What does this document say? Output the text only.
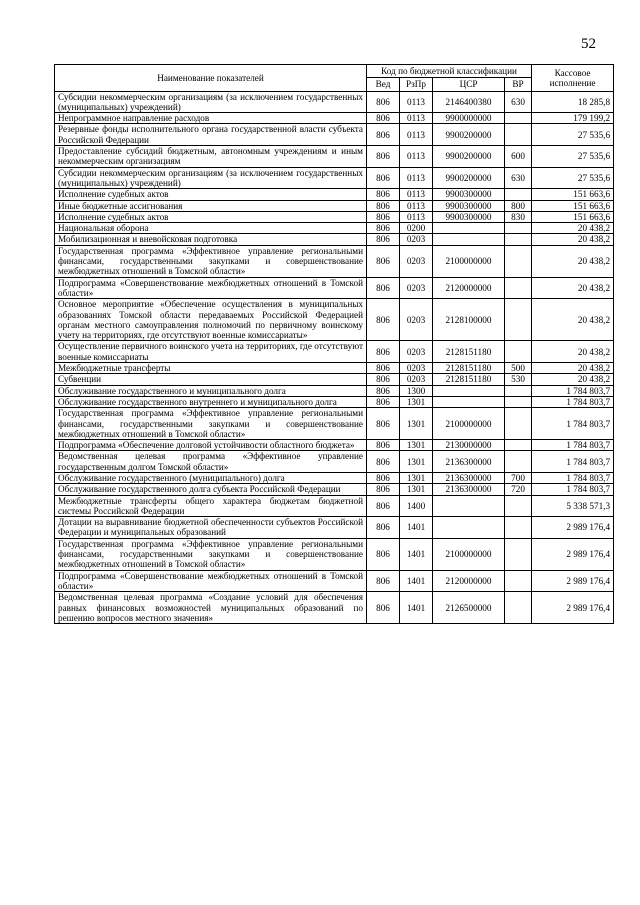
52
Наименование показателей	Код по бюджетной классификации				Кассовое исполнение
	Вед	РзПр	ЦСР	ВР	
Субсидии некоммерческим организациям (за исключением государственных (муниципальных) учреждений)	806	0113	2146400380	630	18 285,8
Непрограммное направление расходов	806	0113	9900000000		179 199,2
Резервные фонды исполнительного органа государственной власти субъекта Российской Федерации	806	0113	9900200000		27 535,6
Предоставление субсидий бюджетным, автономным учреждениям и иным некоммерческим организациям	806	0113	9900200000	600	27 535,6
Субсидии некоммерческим организациям (за исключением государственных (муниципальных) учреждений)	806	0113	9900200000	630	27 535,6
Исполнение судебных актов	806	0113	9900300000		151 663,6
Иные бюджетные ассигнования	806	0113	9900300000	800	151 663,6
Исполнение судебных актов	806	0113	9900300000	830	151 663,6
Национальная оборона	806	0200			20 438,2
Мобилизационная и вневойсковая подготовка	806	0203			20 438,2
Государственная программа «Эффективное управление региональными финансами, государственными закупками и совершенствование межбюджетных отношений в Томской области»	806	0203	2100000000		20 438,2
Подпрограмма «Совершенствование межбюджетных отношений в Томской области»	806	0203	2120000000		20 438,2
Основное мероприятие «Обеспечение осуществления в муниципальных образованиях Томской области передаваемых Российской Федерацией органам местного самоуправления полномочий по первичному воинскому учету на территориях, где отсутствуют военные комиссариаты»	806	0203	2128100000		20 438,2
Осуществление первичного воинского учета на территориях, где отсутствуют военные комиссариаты	806	0203	2128151180		20 438,2
Межбюджетные трансферты	806	0203	2128151180	500	20 438,2
Субвенции	806	0203	2128151180	530	20 438,2
Обслуживание государственного и муниципального долга	806	1300			1 784 803,7
Обслуживание государственного внутреннего и муниципального долга	806	1301			1 784 803,7
Государственная программа «Эффективное управление региональными финансами, государственными закупками и совершенствование межбюджетных отношений в Томской области»	806	1301	2100000000		1 784 803,7
Подпрограмма «Обеспечение долговой устойчивости областного бюджета»	806	1301	2130000000		1 784 803,7
Ведомственная целевая программа «Эффективное управление государственным долгом Томской области»	806	1301	2136300000		1 784 803,7
Обслуживание государственного (муниципального) долга	806	1301	2136300000	700	1 784 803,7
Обслуживание государственного долга субъекта Российской Федерации	806	1301	2136300000	720	1 784 803,7
Межбюджетные трансферты общего характера бюджетам бюджетной системы Российской Федерации	806	1400			5 338 571,3
Дотации на выравнивание бюджетной обеспеченности субъектов Российской Федерации и муниципальных образований	806	1401			2 989 176,4
Государственная программа «Эффективное управление региональными финансами, государственными закупками и совершенствование межбюджетных отношений в Томской области»	806	1401	2100000000		2 989 176,4
Подпрограмма «Совершенствование межбюджетных отношений в Томской области»	806	1401	2120000000		2 989 176,4
Ведомственная целевая программа «Создание условий для обеспечения равных финансовых возможностей муниципальных образований по решению вопросов местного значения»	806	1401	2126500000		2 989 176,4
